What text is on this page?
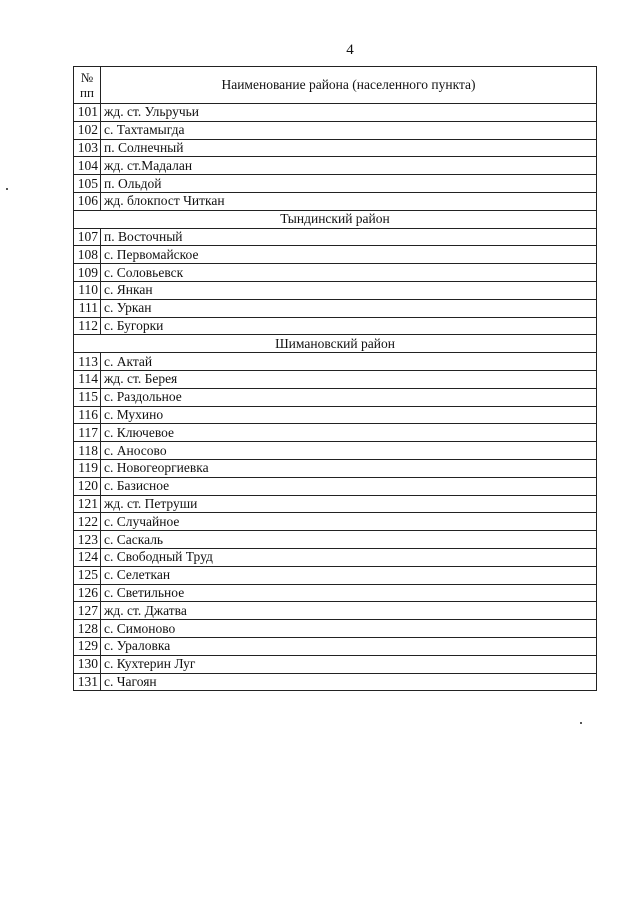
4
№
пп	Наименование района (населенного пункта)
101	жд. ст. Ульручьи
102	с. Тахтамыгда
103	п. Солнечный
104	жд. ст.Мадалан
105	п. Ольдой
106	жд. блокпост Читкан
Тындинский район	
107	п. Восточный
108	с. Первомайское
109	с. Соловьевск
110	с. Янкан
111	с. Уркан
112	с. Бугорки
Шимановский район	
113	с. Актай
114	жд. ст. Берея
115	с. Раздольное
116	с. Мухино
117	с. Ключевое
118	с. Аносово
119	с. Новогеоргиевка
120	с. Базисное
121	жд. ст. Петруши
122	с. Случайное
123	с. Саскаль
124	с. Свободный Труд
125	с. Селеткан
126	с. Светильное
127	жд. ст. Джатва
128	с. Симоново
129	с. Ураловка
130	с. Кухтерин Луг
131	с. Чагоян
